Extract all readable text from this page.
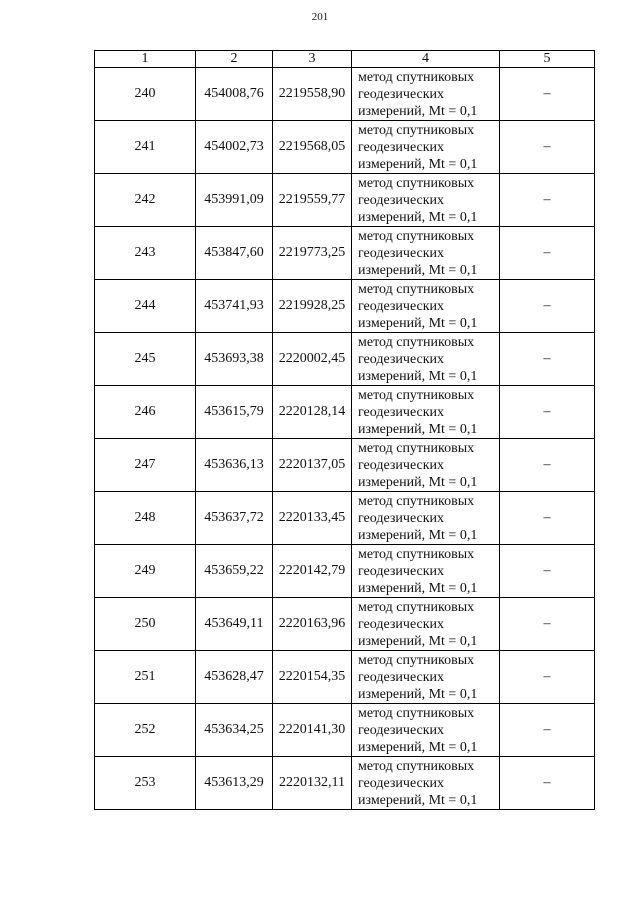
201
1	2	3	4	5
240	454008,76	2219558,90	метод спутниковых
геодезических
измерений, Mt = 0,1	–
241	454002,73	2219568,05	метод спутниковых
геодезических
измерений, Mt = 0,1	–
242	453991,09	2219559,77	метод спутниковых
геодезических
измерений, Mt = 0,1	–
243	453847,60	2219773,25	метод спутниковых
геодезических
измерений, Mt = 0,1	–
244	453741,93	2219928,25	метод спутниковых
геодезических
измерений, Mt = 0,1	–
245	453693,38	2220002,45	метод спутниковых
геодезических
измерений, Mt = 0,1	–
246	453615,79	2220128,14	метод спутниковых
геодезических
измерений, Mt = 0,1	–
247	453636,13	2220137,05	метод спутниковых
геодезических
измерений, Mt = 0,1	–
248	453637,72	2220133,45	метод спутниковых
геодезических
измерений, Mt = 0,1	–
249	453659,22	2220142,79	метод спутниковых
геодезических
измерений, Mt = 0,1	–
250	453649,11	2220163,96	метод спутниковых
геодезических
измерений, Mt = 0,1	–
251	453628,47	2220154,35	метод спутниковых
геодезических
измерений, Mt = 0,1	–
252	453634,25	2220141,30	метод спутниковых
геодезических
измерений, Mt = 0,1	–
253	453613,29	2220132,11	метод спутниковых
геодезических
измерений, Mt = 0,1	–
